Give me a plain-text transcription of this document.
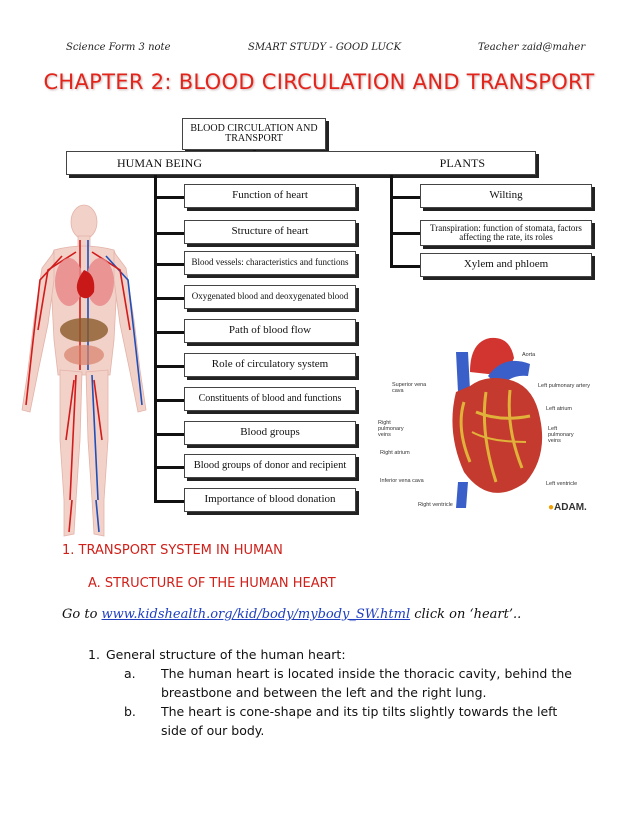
Science Form 3 note	SMART STUDY - GOOD LUCK	Teacher zaid@maher
CHAPTER 2: BLOOD CIRCULATION AND TRANSPORT
BLOOD CIRCULATION AND TRANSPORT
HUMAN BEING	PLANTS
Function of heart
Structure of heart
Blood vessels: characteristics and functions
Oxygenated blood and deoxygenated blood
Path of blood flow
Role of circulatory system
Constituents of blood and functions
Blood groups
Blood groups of donor and recipient
Importance of blood donation
Wilting
Transpiration: function of stomata, factors affecting the rate, its roles
Xylem and phloem
Aorta
Superior vena cava
Left pulmonary artery
Left atrium
Right pulmonary veins
Left pulmonary veins
Right atrium
Inferior vena cava	Left ventricle
Right ventricle	●ADAM.
1. TRANSPORT SYSTEM IN HUMAN
A. STRUCTURE OF THE HUMAN HEART
Go to www.kidshealth.org/kid/body/mybody_SW.html click on ‘heart’..
1. General structure of the human heart:
a. The human heart is located inside the thoracic cavity, behind the breastbone and between the left and the right lung.
b. The heart is cone-shape and its tip tilts slightly towards the left side of our body.
